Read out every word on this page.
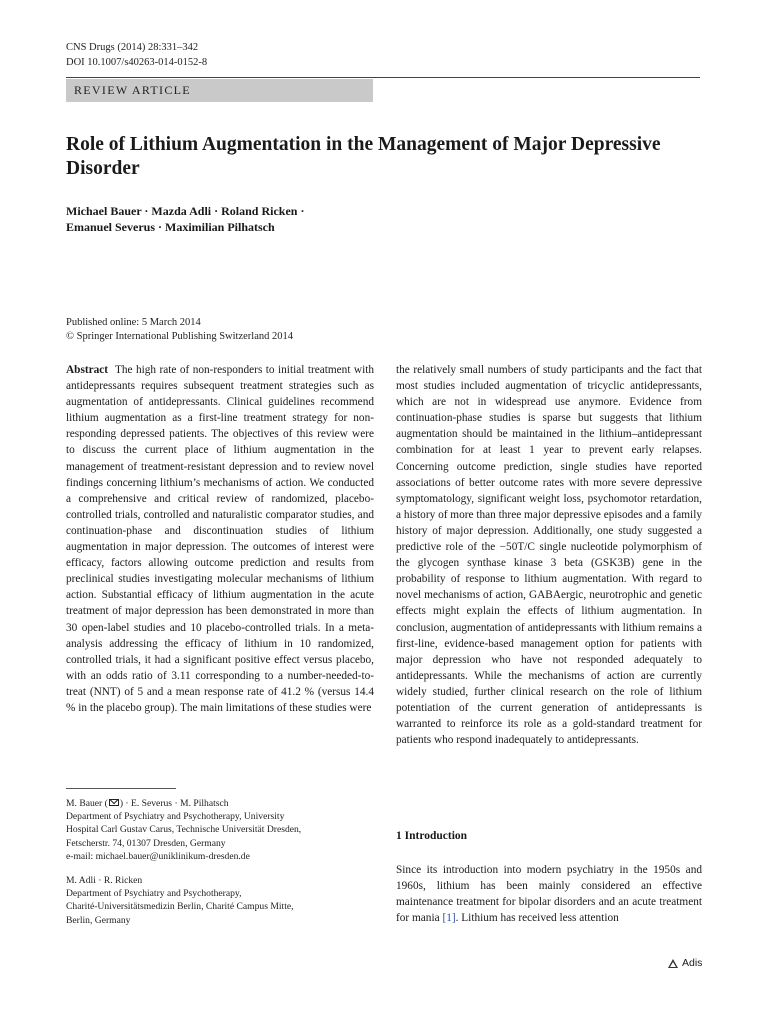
CNS Drugs (2014) 28:331–342
DOI 10.1007/s40263-014-0152-8
REVIEW ARTICLE
Role of Lithium Augmentation in the Management of Major Depressive Disorder
Michael Bauer · Mazda Adli · Roland Ricken ·
Emanuel Severus · Maximilian Pilhatsch
Published online: 5 March 2014
© Springer International Publishing Switzerland 2014

Abstract The high rate of non-responders to initial treatment with antidepressants requires subsequent treatment strategies such as augmentation of antidepressants. Clinical guidelines recommend lithium augmentation as a first-line treatment strategy for non-responding depressed patients. The objectives of this review were to discuss the current place of lithium augmentation in the management of treatment-resistant depression and to review novel findings concerning lithium’s mechanisms of action. We conducted a comprehensive and critical review of randomized, placebo-controlled trials, controlled and naturalistic comparator studies, and continuation-phase and discontinuation studies of lithium augmentation in major depression. The outcomes of interest were efficacy, factors allowing outcome prediction and results from preclinical studies investigating molecular mechanisms of lithium action. Substantial efficacy of lithium augmentation in the acute treatment of major depression has been demonstrated in more than 30 open-label studies and 10 placebo-controlled trials. In a meta-analysis addressing the efficacy of lithium in 10 randomized, controlled trials, it had a significant positive effect versus placebo, with an odds ratio of 3.11 corresponding to a number-needed-to-treat (NNT) of 5 and a mean response rate of 41.2 % (versus 14.4 % in the placebo group). The main limitations of these studies were

the relatively small numbers of study participants and the fact that most studies included augmentation of tricyclic antidepressants, which are not in widespread use anymore. Evidence from continuation-phase studies is sparse but suggests that lithium augmentation should be maintained in the lithium–antidepressant combination for at least 1 year to prevent early relapses. Concerning outcome prediction, single studies have reported associations of better outcome rates with more severe depressive symptomatology, significant weight loss, psychomotor retardation, a history of more than three major depressive episodes and a family history of major depression. Additionally, one study suggested a predictive role of the −50T/C single nucleotide polymorphism of the glycogen synthase kinase 3 beta (GSK3B) gene in the probability of response to lithium augmentation. With regard to novel mechanisms of action, GABAergic, neurotrophic and genetic effects might explain the effects of lithium augmentation. In conclusion, augmentation of antidepressants with lithium remains a first-line, evidence-based management option for patients with major depression who have not responded adequately to antidepressants. While the mechanisms of action are currently widely studied, further clinical research on the role of lithium potentiation of the current generation of antidepressants is warranted to reinforce its role as a gold-standard treatment for patients who respond inadequately to antidepressants.

M. Bauer ( ) · E. Severus · M. Pilhatsch
Department of Psychiatry and Psychotherapy, University
Hospital Carl Gustav Carus, Technische Universität Dresden,
Fetscherstr. 74, 01307 Dresden, Germany
e-mail: michael.bauer@uniklinikum-dresden.de
M. Adli · R. Ricken
Department of Psychiatry and Psychotherapy,
Charité-Universitätsmedizin Berlin, Charité Campus Mitte,
Berlin, Germany
1 Introduction

Since its introduction into modern psychiatry in the 1950s and 1960s, lithium has been mainly considered an effective maintenance treatment for bipolar disorders and an acute treatment for mania [1]. Lithium has received less attention

Adis
